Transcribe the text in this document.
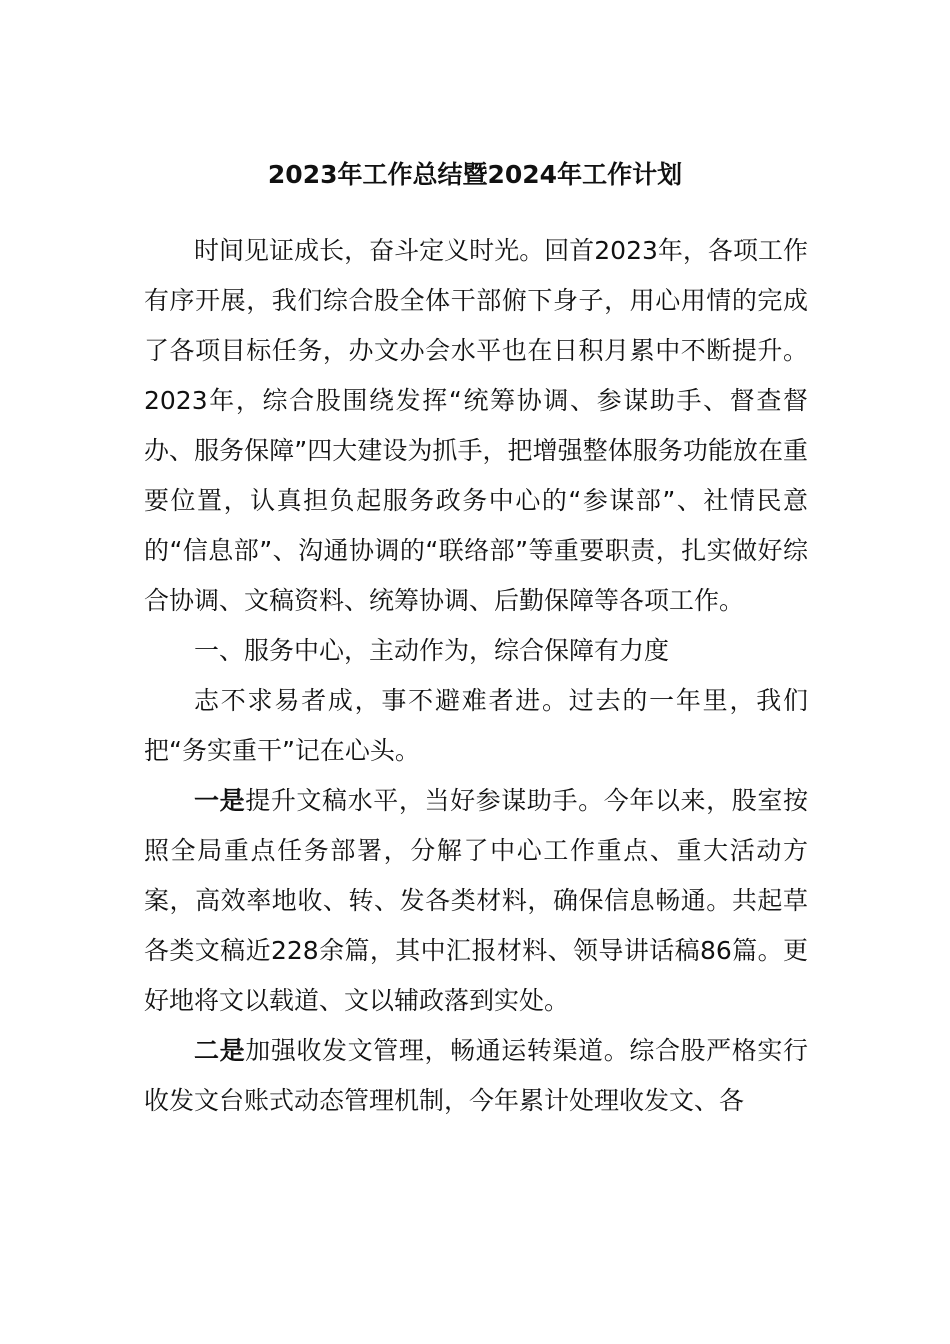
2023年工作总结暨2024年工作计划

时间见证成长，奋斗定义时光。回首2023年，各项工作有序开展，我们综合股全体干部俯下身子，用心用情的完成了各项目标任务，办文办会水平也在日积月累中不断提升。2023年，综合股围绕发挥“统筹协调、参谋助手、督查督办、服务保障”四大建设为抓手，把增强整体服务功能放在重要位置，认真担负起服务政务中心的“参谋部”、社情民意的“信息部”、沟通协调的“联络部”等重要职责，扎实做好综合协调、文稿资料、统筹协调、后勤保障等各项工作。

一、服务中心，主动作为，综合保障有力度

志不求易者成，事不避难者进。过去的一年里，我们把“务实重干”记在心头。

一是提升文稿水平，当好参谋助手。今年以来，股室按照全局重点任务部署，分解了中心工作重点、重大活动方案，高效率地收、转、发各类材料，确保信息畅通。共起草各类文稿近228余篇，其中汇报材料、领导讲话稿86篇。更好地将文以载道、文以辅政落到实处。

二是加强收发文管理，畅通运转渠道。综合股严格实行收发文台账式动态管理机制，今年累计处理收发文、各
